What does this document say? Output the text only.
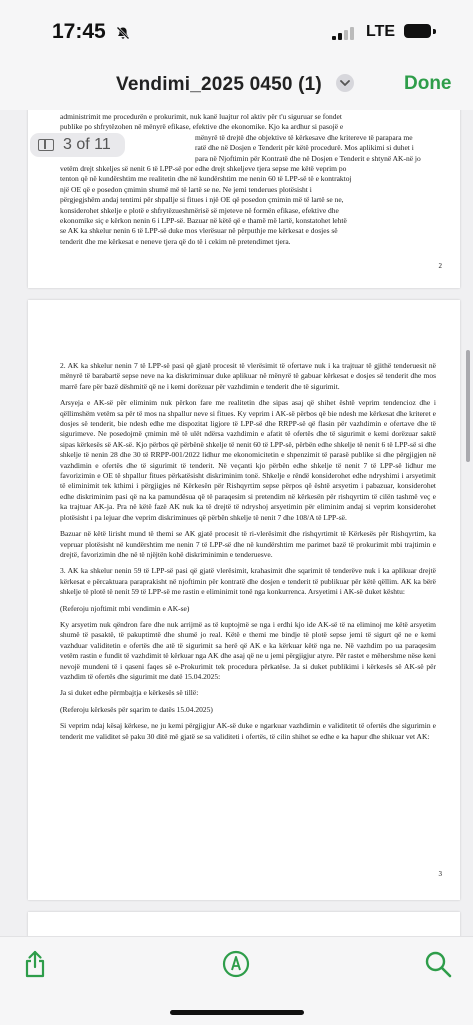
17:45	LTE
Vendimi_2025 0450 (1)	Done

administrimit me procedurën e prokurimit, nuk kanë luajtur rol aktiv për t'u siguruar se fondet

publike po shfrytëzohen në mënyrë efikase, efektive dhe ekonomike. Kjo ka ardhur si pasojë e

mënyrë të drejtë dhe objektive të kërkesave dhe kritereve të parapara me

ratë dhe në Dosjen e Tenderit për këtë procedurë. Mos aplikimi si duhet i

para në Njoftimin për Kontratë dhe në Dosjen e Tenderit e shtynë AK-në jo

vetëm drejt shkeljes së nenit 6 të LPP-së por edhe drejt shkeljeve tjera sepse me këtë veprim po

tenton që në kundërshtim me realitetin dhe në kundërshtim me nenin 60 të LPP-së të e kontraktoj

një OE që e posedon çmimin shumë më të lartë se ne. Ne jemi tenderues plotësisht i

përgjegjshëm andaj tentimi për shpallje si fitues i një OE që posedon çmimin më të lartë se ne,

konsiderohet shkelje e plotë e shfrytëzueshmërisë së mjeteve në formën efikase, efektive dhe

ekonomike siç e kërkon nenin 6 i LPP-së. Bazuar në këtë që e thamë më lartë, konstatohet lehtë

se AK ka shkelur nenin 6 të LPP-së duke mos vlerësuar në përputhje me kërkesat e dosjes së

tenderit dhe me kërkesat e neneve tjera që do të i cekim në pretendimet tjera.

2

2. AK ka shkelur nenin 7 të LPP-së pasi që gjatë procesit të vlerësimit të ofertave nuk i ka trajtuar të gjithë tenderuesit në mënyrë të barabartë sepse neve na ka diskriminuar duke aplikuar në mënyrë të gabuar kërkesat e dosjes së tenderit dhe mos marrë fare për bazë dëshmitë që ne i kemi dorëzuar për vazhdimin e tenderit dhe të sigurimit.

Arsyeja e AK-së për eliminim nuk përkon fare me realitetin dhe sipas asaj që shihet është veprim tendencioz dhe i qëllimshëm vetëm sa për të mos na shpallur neve si fitues. Ky veprim i AK-së përbos që bie ndesh me kërkesat dhe kriteret e dosjes së tenderit, bie ndesh edhe me dispozitat ligjore të LPP-së dhe RRPP-së që flasin për vazhdimin e ofertave dhe të sigurimeve. Ne posedojmë çmimin më të ulët ndërsa vazhdimin e afatit të ofertës dhe të sigurimit e kemi dorëzuar saktë sipas kërkesës së AK-së. Kjo përbos që përbënë shkelje të nenit 60 të LPP-së, përbën edhe shkelje të nenit 6 të LPP-së si dhe shkelje të nenin 28 dhe 30 të RRPP-001/2022 lidhur me ekonomicitetin e shpenzimit të parasë publike si dhe përgjigjen në vazhdimin e ofertës dhe të sigurimit të tenderit. Në veçanti kjo përbën edhe shkelje të nenit 7 të LPP-së lidhur me favorizimin e OE të shpallur fitues përkatësisht diskriminim tonë. Shkelje e rëndë konsiderohet edhe ndryshimi i arsyetimit të eliminimit tek kthimi i përgjigjes në Kërkesën për Rishqyrtim sepse përpos që është arsyetim i pabazuar, konsiderohet edhe diskriminim pasi që na ka pamundësua që të paraqesim si pretendim në kërkesën për rishqyrtim të cilën tashmë veç e ka trajtuar AK-ja. Pra në këtë fazë AK nuk ka të drejtë të ndryshoj arsyetimin për eliminim andaj si veprim konsiderohet plotësisht i pa lejuar dhe veprim diskriminues që përbën shkelje të nenit 7 dhe 108/A të LPP-së.

Bazuar në këtë lirisht mund të themi se AK gjatë procesit të ri-vlerësimit dhe rishqyrtimit të Kërkesës për Rishqyrtim, ka vepruar plotësisht në kundërshtim me nenin 7 të LPP-së dhe në kundërshtim me parimet bazë të prokurimit mbi trajtimin e drejtë, favorizimin dhe në të njëjtën kohë diskriminimin e tenderuesve.

3. AK ka shkelur nenin 59 të LPP-së pasi që gjatë vlerësimit, krahasimit dhe sqarimit të tenderëve nuk i ka aplikuar drejtë kërkesat e përcaktuara paraprakisht në njoftimin për kontratë dhe dosjen e tenderit të publikuar për këtë qëllim. AK ka bërë shkelje të plotë të nenit 59 të LPP-së me rastin e eliminimit tonë nga konkurrenca. Arsyetimi i AK-së duket kështu:

(Referoju njoftimit mbi vendimin e AK-se)

Ky arsyetim nuk qëndron fare dhe nuk arrijmë as të kuptojmë se nga i erdhi kjo ide AK-së të na eliminoj me këtë arsyetim shumë të pasaktë, të pakuptimtë dhe shumë jo real. Këtë e themi me bindje të plotë sepse jemi të sigurt që ne e kemi vazhduar validitetin e ofertës dhe atë të sigurimit sa herë që AK e ka kërkuar këtë nga ne. Në vazhdim po ua paraqesim vetëm rastin e fundit të vazhdimit të kërkuar nga AK dhe asaj që ne u jemi përgjigjur atyre. Për rastet e mëhershme nëse keni nevojë mundeni të i qaseni faqes së e-Prokurimit tek procedura përkatëse. Ja si duket publikimi i kërkesës së AK-së për vazhdim të ofertës dhe sigurimit me datë 15.04.2025:

Ja si duket edhe përmbajtja e kërkesës së tillë:

(Referoju kërkesës për sqarim te datës 15.04.2025)

Si veprim ndaj kësaj kërkese, ne ju kemi përgjigjur AK-së duke e ngarkuar vazhdimin e validitetit të ofertës dhe sigurimin e tenderit me validitet së paku 30 ditë më gjatë se sa validiteti i ofertës, të cilin shihet se edhe e ka hapur dhe shikuar vet AK:

3
3 of 11
